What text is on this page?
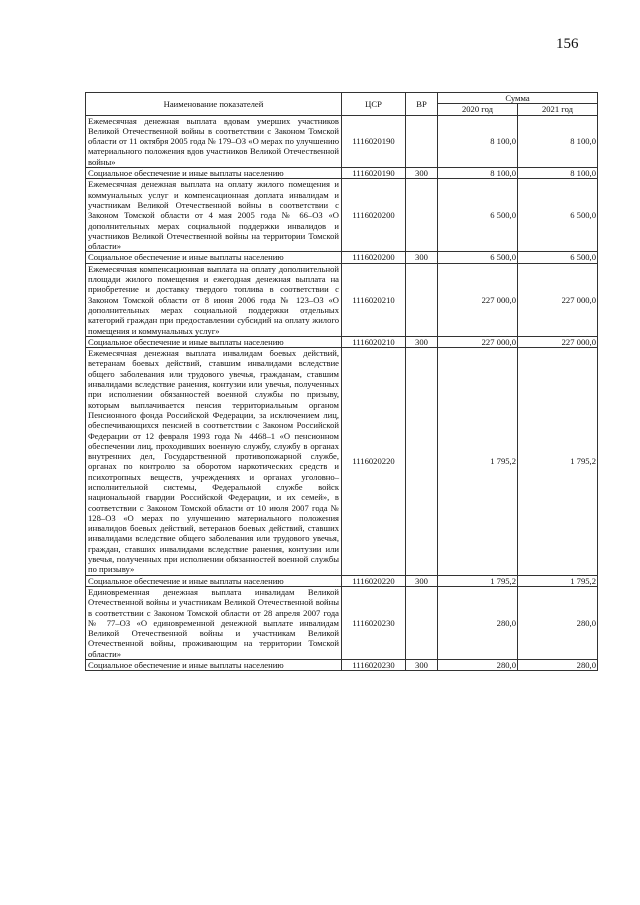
156
Наименование показателей	ЦСР	ВР	Сумма	
			2020 год	2021 год
Ежемесячная денежная выплата вдовам умерших участников Великой Отечественной войны в соответствии с Законом Томской области от 11 октября 2005 года № 179–ОЗ «О мерах по улучшению материального положения вдов участников Великой Отечественной войны»	1116020190		8 100,0	8 100,0
Социальное обеспечение и иные выплаты населению	1116020190	300	8 100,0	8 100,0
Ежемесячная денежная выплата на оплату жилого помещения и коммунальных услуг и компенсационная доплата инвалидам и участникам Великой Отечественной войны в соответствии с Законом Томской области от 4 мая 2005 года № 66–ОЗ «О дополнительных мерах социальной поддержки инвалидов и участников Великой Отечественной войны на территории Томской области»	1116020200		6 500,0	6 500,0
Социальное обеспечение и иные выплаты населению	1116020200	300	6 500,0	6 500,0
Ежемесячная компенсационная выплата на оплату дополнительной площади жилого помещения и ежегодная денежная выплата на приобретение и доставку твердого топлива в соответствии с Законом Томской области от 8 июня 2006 года № 123–ОЗ «О дополнительных мерах социальной поддержки отдельных категорий граждан при предоставлении субсидий на оплату жилого помещения и коммунальных услуг»	1116020210		227 000,0	227 000,0
Социальное обеспечение и иные выплаты населению	1116020210	300	227 000,0	227 000,0
Ежемесячная денежная выплата инвалидам боевых действий, ветеранам боевых действий, ставшим инвалидами вследствие общего заболевания или трудового увечья, гражданам, ставшим инвалидами вследствие ранения, контузии или увечья, полученных при исполнении обязанностей военной службы по призыву, которым выплачивается пенсия территориальным органом Пенсионного фонда Российской Федерации, за исключением лиц, обеспечивающихся пенсией в соответствии с Законом Российской Федерации от 12 февраля 1993 года № 4468–1 «О пенсионном обеспечении лиц, проходивших военную службу, службу в органах внутренних дел, Государственной противопожарной службе, органах по контролю за оборотом наркотических средств и психотропных веществ, учреждениях и органах уголовно–исполнительной системы, Федеральной службе войск национальной гвардии Российской Федерации, и их семей», в соответствии с Законом Томской области от 10 июля 2007 года № 128–ОЗ «О мерах по улучшению материального положения инвалидов боевых действий, ветеранов боевых действий, ставших инвалидами вследствие общего заболевания или трудового увечья, граждан, ставших инвалидами вследствие ранения, контузии или увечья, полученных при исполнении обязанностей военной службы по призыву»	1116020220		1 795,2	1 795,2
Социальное обеспечение и иные выплаты населению	1116020220	300	1 795,2	1 795,2
Единовременная денежная выплата инвалидам Великой Отечественной войны и участникам Великой Отечественной войны в соответствии с Законом Томской области от 28 апреля 2007 года № 77–ОЗ «О единовременной денежной выплате инвалидам Великой Отечественной войны и участникам Великой Отечественной войны, проживающим на территории Томской области»	1116020230		280,0	280,0
Социальное обеспечение и иные выплаты населению	1116020230	300	280,0	280,0
